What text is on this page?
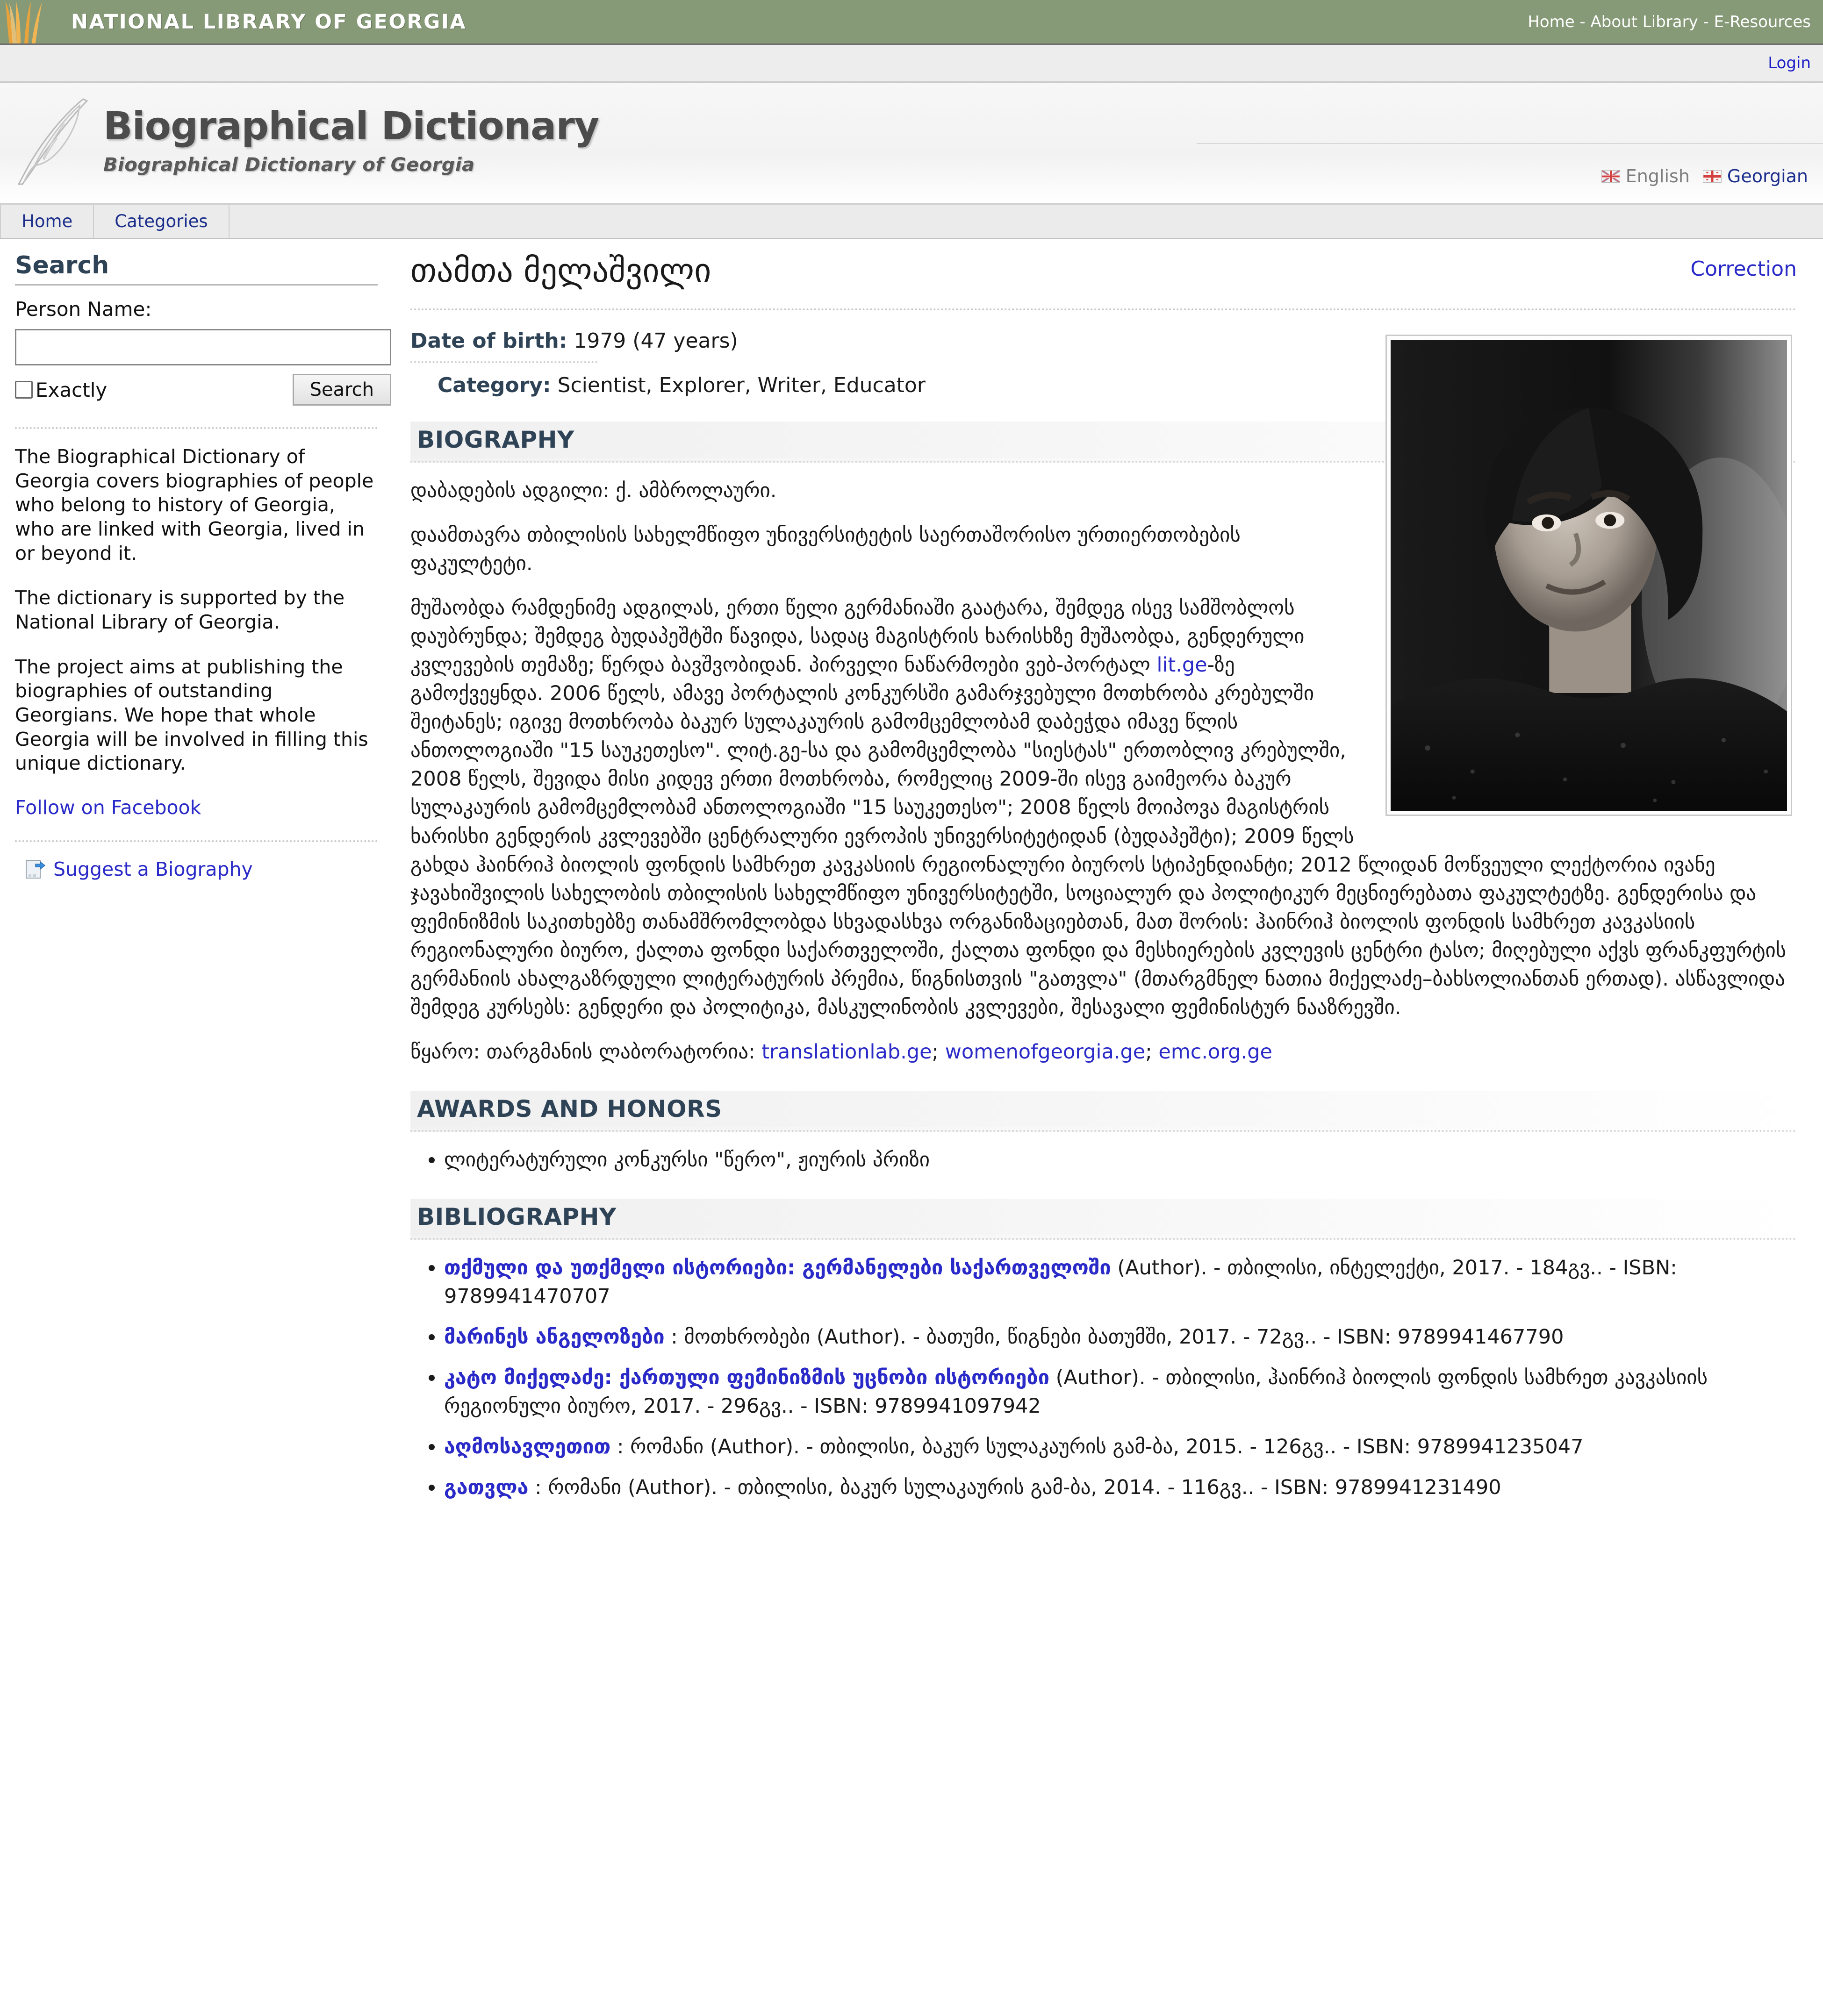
NATIONAL LIBRARY OF GEORGIA	Home - About Library - E-Resources
Login
Biographical Dictionary
Biographical Dictionary of Georgia
English Georgian
Home	Categories
Search
Person Name:
Exactly	Search

The Biographical Dictionary of Georgia covers biographies of people who belong to history of Georgia, who are linked with Georgia, lived in or beyond it.

The dictionary is supported by the National Library of Georgia.

The project aims at publishing the biographies of outstanding Georgians. We hope that whole Georgia will be involved in filling this unique dictionary.

Follow on Facebook
Suggest a Biography
თამთა მელაშვილი	Correction
Date of birth: 1979 (47 years)
Category: Scientist, Explorer, Writer, Educator
BIOGRAPHY

დაბადების ადგილი: ქ. ამბროლაური.

დაამთავრა თბილისის სახელმწიფო უნივერსიტეტის საერთაშორისო ურთიერთობების ფაკულტეტი.

მუშაობდა რამდენიმე ადგილას, ერთი წელი გერმანიაში გაატარა, შემდეგ ისევ სამშობლოს დაუბრუნდა; შემდეგ ბუდაპეშტში წავიდა, სადაც მაგისტრის ხარისხზე მუშაობდა, გენდერული კვლევების თემაზე; წერდა ბავშვობიდან. პირველი ნაწარმოები ვებ-პორტალ lit.ge-ზე გამოქვეყნდა. 2006 წელს, ამავე პორტალის კონკურსში გამარჯვებული მოთხრობა კრებულში შეიტანეს; იგივე მოთხრობა ბაკურ სულაკაურის გამომცემლობამ დაბეჭდა იმავე წლის ანთოლოგიაში "15 საუკეთესო". ლიტ.გე-სა და გამომცემლობა "სიესტას" ერთობლივ კრებულში, 2008 წელს, შევიდა მისი კიდევ ერთი მოთხრობა, რომელიც 2009-ში ისევ გაიმეორა ბაკურ სულაკაურის გამომცემლობამ ანთოლოგიაში "15 საუკეთესო"; 2008 წელს მოიპოვა მაგისტრის ხარისხი გენდერის კვლევებში ცენტრალური ევროპის უნივერსიტეტიდან (ბუდაპეშტი); 2009 წელს გახდა ჰაინრიჰ ბიოლის ფონდის სამხრეთ კავკასიის რეგიონალური ბიუროს სტიპენდიანტი; 2012 წლიდან მოწვეული ლექტორია ივანე ჯავახიშვილის სახელობის თბილისის სახელმწიფო უნივერსიტეტში, სოციალურ და პოლიტიკურ მეცნიერებათა ფაკულტეტზე. გენდერისა და ფემინიზმის საკითხებზე თანამშრომლობდა სხვადასხვა ორგანიზაციებთან, მათ შორის: ჰაინრიჰ ბიოლის ფონდის სამხრეთ კავკასიის რეგიონალური ბიურო, ქალთა ფონდი საქართველოში, ქალთა ფონდი და მესხიერების კვლევის ცენტრი ტასო; მიღებული აქვს ფრანკფურტის გერმანიის ახალგაზრდული ლიტერატურის პრემია, წიგნისთვის "გათვლა" (მთარგმნელ ნათია მიქელაძე–ბახსოლიანთან ერთად). ასწავლიდა შემდეგ კურსებს: გენდერი და პოლიტიკა, მასკულინობის კვლევები, შესავალი ფემინისტურ ნააზრევში.

წყარო: თარგმანის ლაბორატორია: translationlab.ge; womenofgeorgia.ge; emc.org.ge

AWARDS AND HONORS
• ლიტერატურული კონკურსი "წერო", ჟიურის პრიზი
BIBLIOGRAPHY
• თქმული და უთქმელი ისტორიები: გერმანელები საქართველოში (Author). - თბილისი, ინტელექტი, 2017. - 184გვ.. - ISBN: 9789941470707
• მარინეს ანგელოზები : მოთხრობები (Author). - ბათუმი, წიგნები ბათუმში, 2017. - 72გვ.. - ISBN: 9789941467790
• კატო მიქელაძე: ქართული ფემინიზმის უცნობი ისტორიები (Author). - თბილისი, ჰაინრიჰ ბიოლის ფონდის სამხრეთ კავკასიის რეგიონული ბიურო, 2017. - 296გვ.. - ISBN: 9789941097942
• აღმოსავლეთით : რომანი (Author). - თბილისი, ბაკურ სულაკაურის გამ-ბა, 2015. - 126გვ.. - ISBN: 9789941235047
• გათვლა : რომანი (Author). - თბილისი, ბაკურ სულაკაურის გამ-ბა, 2014. - 116გვ.. - ISBN: 9789941231490
